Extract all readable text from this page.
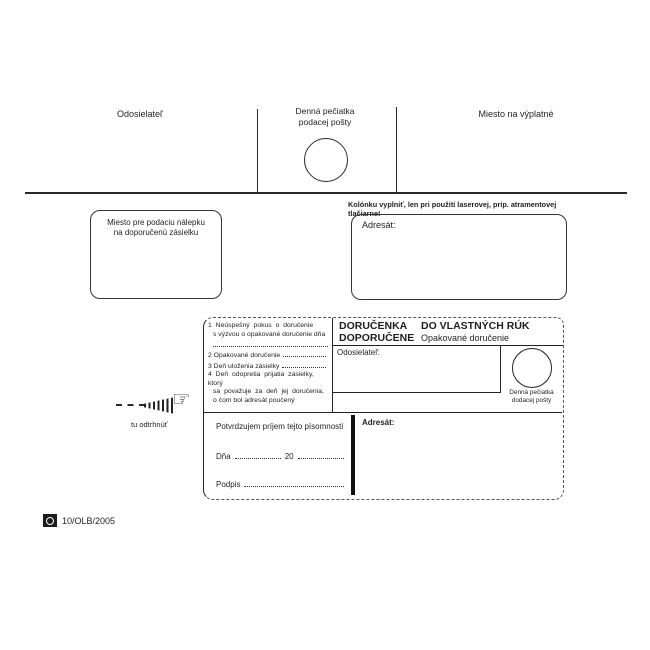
Odosielateľ	Denná pečiatka
podacej pošty
Miesto na výplatné
Kolónku vyplniť, len pri použití laserovej, príp. atramentovej tlačiarne!
Miesto pre podaciu nálepku
na doporučenú zásielku
Adresát:
1 Neúspešný pokus o doručenie
s výzvou o opakované doručenie dňa
2 Opakované doručenie
3 Deň uloženia zásielky
4 Deň odopretia prijatia zásielky, ktorý
sa považuje za deň jej doručenia,
o čom bol adresát poučený
DORUČENKA
DOPORUČENE
DO VLASTNÝCH RÚK
Opakované doručenie
Odosielateľ:
Denná pečiatka
dodacej pošty
Potvrdzujem príjem tejto písomnosti
Dňa	20
Podpis
Adresát:
☞
tu odtrhnúť
10/OLB/2005
